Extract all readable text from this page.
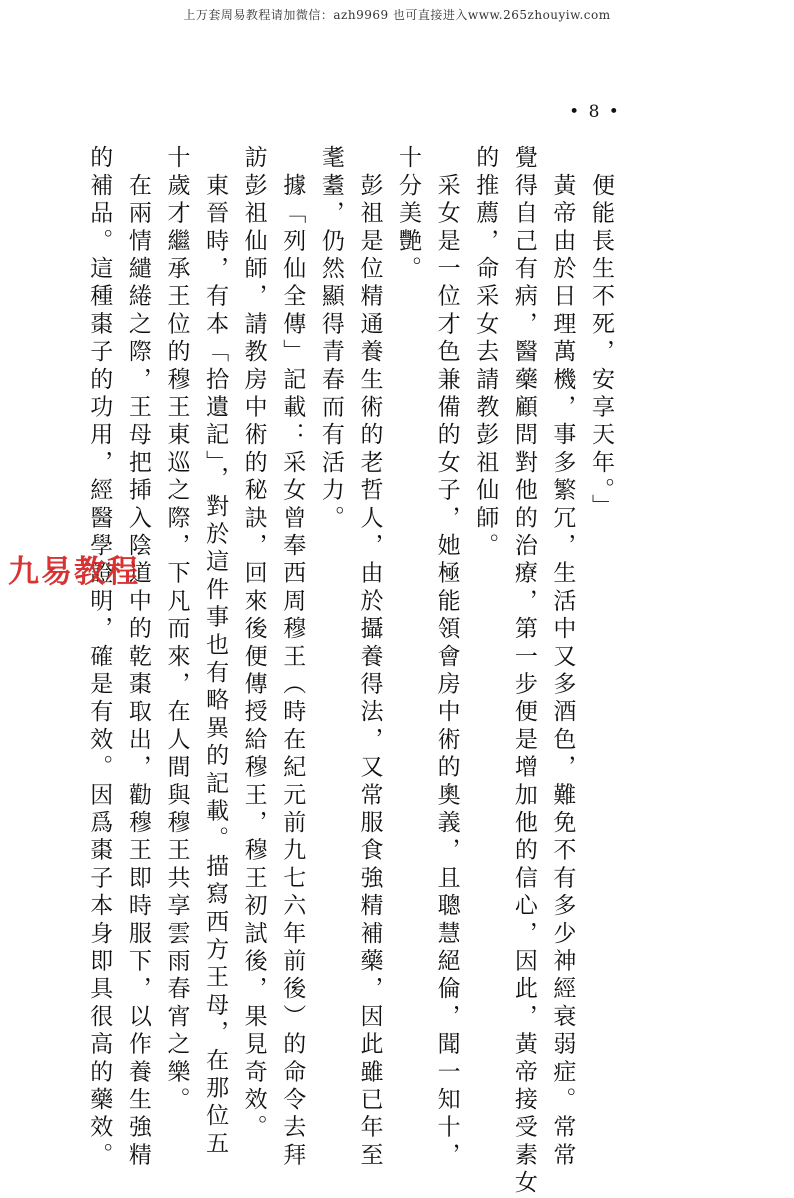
上万套周易教程请加微信：azh9969 也可直接进入www.265zhouyiw.com
• 8 •

　便能長生不死，安享天年。」

　黃帝由於日理萬機，事多繁冗，生活中又多酒色，難免不有多少神經衰弱症。常常

覺得自己有病，醫藥顧問對他的治療，第一步便是增加他的信心，因此，黃帝接受素女

的推薦，命采女去請教彭祖仙師。

　采女是一位才色兼備的女子，她極能領會房中術的奧義，且聰慧絕倫，聞一知十，

十分美艷。

　彭祖是位精通養生術的老哲人，由於攝養得法，又常服食強精補藥，因此雖已年至

耄耋，仍然顯得青春而有活力。

　據「列仙全傳」記載：采女曾奉西周穆王（時在紀元前九七六年前後）的命令去拜

訪彭祖仙師，請教房中術的秘訣，回來後便傳授給穆王，穆王初試後，果見奇效。

　東晉時，有本「拾遺記」，對於這件事也有略異的記載。描寫西方王母，在那位五

十歲才繼承王位的穆王東巡之際，下凡而來，在人間與穆王共享雲雨春宵之樂。

　在兩情繾綣之際，王母把揷入陰道中的乾棗取出，勸穆王即時服下，以作養生強精

的補品。這種棗子的功用，經醫學證明，確是有效。因爲棗子本身即具很高的藥效。

九易教程
